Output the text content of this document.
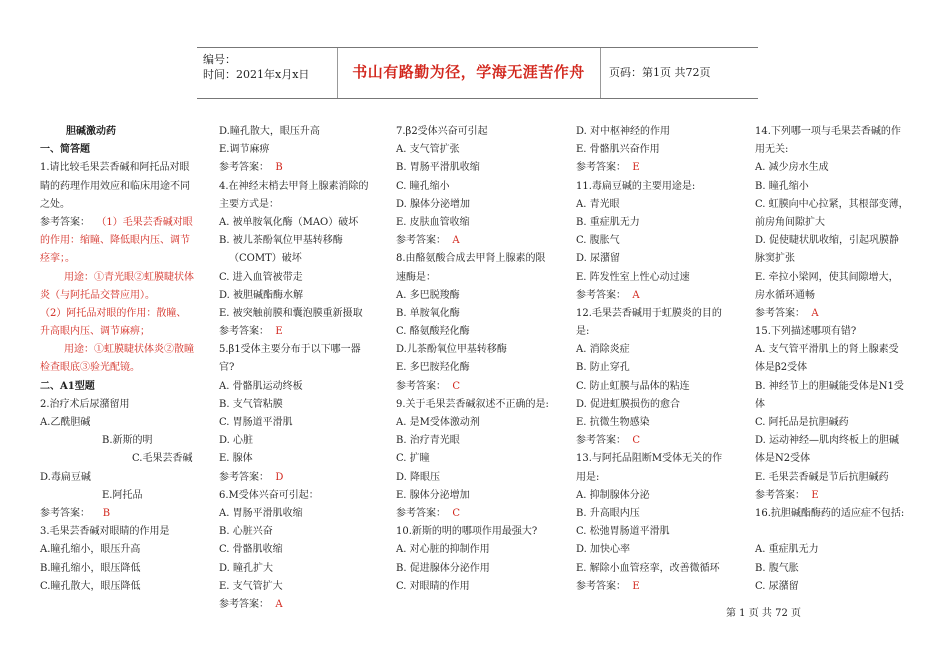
编号：
时间：2021年x月x日	书山有路勤为径，学海无涯苦作舟	页码：第1页 共72页
胆碱激动药
一、简答题
1.请比较毛果芸香碱和阿托品对眼
睛的药理作用效应和临床用途不同
之处。
参考答案：  （1）毛果芸香碱对眼
的作用：缩瞳、降低眼内压、调节
痉挛；。
用途：①青光眼②虹膜睫状体
炎（与阿托品交替应用）。
（2）阿托品对眼的作用：散瞳、
升高眼内压、调节麻痹；
用途：①虹膜睫状体炎②散瞳
检查眼底③验光配镜。
二、A1型题
2.治疗术后尿潴留用
A.乙酰胆碱
B.新斯的明
C.毛果芸香碱
D.毒扁豆碱
E.阿托品
参考答案：    B
3.毛果芸香碱对眼睛的作用是
A.瞳孔缩小，眼压升高
B.瞳孔缩小，眼压降低
C.瞳孔散大，眼压降低
D.瞳孔散大，眼压升高
E.调节麻痹
参考答案：  B
4.在神经末梢去甲肾上腺素消除的
主要方式是：
A. 被单胺氧化酶（MAO）破坏
B. 被儿茶酚氧位甲基转移酶
（COMT）破坏
C. 进入血管被带走
D. 被胆碱酯酶水解
E. 被突触前膜和囊泡膜重新摄取
参考答案：  E
5.β1受体主要分布于以下哪一器
官?
A. 骨骼肌运动终板
B. 支气管粘膜
C. 胃肠道平滑肌
D. 心脏
E. 腺体
参考答案：  D
6.M受体兴奋可引起：
A. 胃肠平滑肌收缩
B. 心脏兴奋
C. 骨骼肌收缩
D. 瞳孔扩大
E. 支气管扩大
参考答案：  A
7.β2受体兴奋可引起
A. 支气管扩张
B. 胃肠平滑肌收缩
C. 瞳孔缩小
D. 腺体分泌增加
E. 皮肤血管收缩
参考答案：  A
8.由酪氨酸合成去甲肾上腺素的限
速酶是：
A. 多巴脱羧酶
B. 单胺氧化酶
C. 酪氨酸羟化酶
D.儿茶酚氧位甲基转移酶
E. 多巴胺羟化酶
参考答案：  C
9.关于毛果芸香碱叙述不正确的是:
A. 是M受体激动剂
B. 治疗青光眼
C. 扩瞳
D. 降眼压
E. 腺体分泌增加
参考答案：  C
10.新斯的明的哪项作用最强大?
A. 对心脏的抑制作用
B. 促进腺体分泌作用
C. 对眼睛的作用
D. 对中枢神经的作用
E. 骨骼肌兴奋作用
参考答案：  E
11.毒扁豆碱的主要用途是:
A. 青光眼
B. 重症肌无力
C. 腹胀气
D. 尿潴留
E. 阵发性室上性心动过速
参考答案：  A
12.毛果芸香碱用于虹膜炎的目的
是:
A. 消除炎症
B. 防止穿孔
C. 防止虹膜与晶体的粘连
D. 促进虹膜损伤的愈合
E. 抗微生物感染
参考答案：  C
13.与阿托品阻断M受体无关的作
用是:
A. 抑制腺体分泌
B. 升高眼内压
C. 松弛胃肠道平滑肌
D. 加快心率
E. 解除小血管痉挛，改善微循环
参考答案：  E
14.下列哪一项与毛果芸香碱的作
用无关:
A. 减少房水生成
B. 瞳孔缩小
C. 虹膜向中心拉紧，其根部变薄，
前房角间隙扩大
D. 促使睫状肌收缩，引起巩膜静
脉窦扩张
E. 牵拉小梁网，使其间隙增大，
房水循环通畅
参考答案：  A
15.下列描述哪项有错?
A. 支气管平滑肌上的肾上腺素受
体是β2受体
B. 神经节上的胆碱能受体是N1受
体
C. 阿托品是抗胆碱药
D. 运动神经—肌肉终板上的胆碱
体是N2受体
E. 毛果芸香碱是节后抗胆碱药
参考答案：  E
16.抗胆碱酯酶药的适应症不包括:
A. 重症肌无力
B. 腹气胀
C. 尿潴留
第 1 页 共 72 页
